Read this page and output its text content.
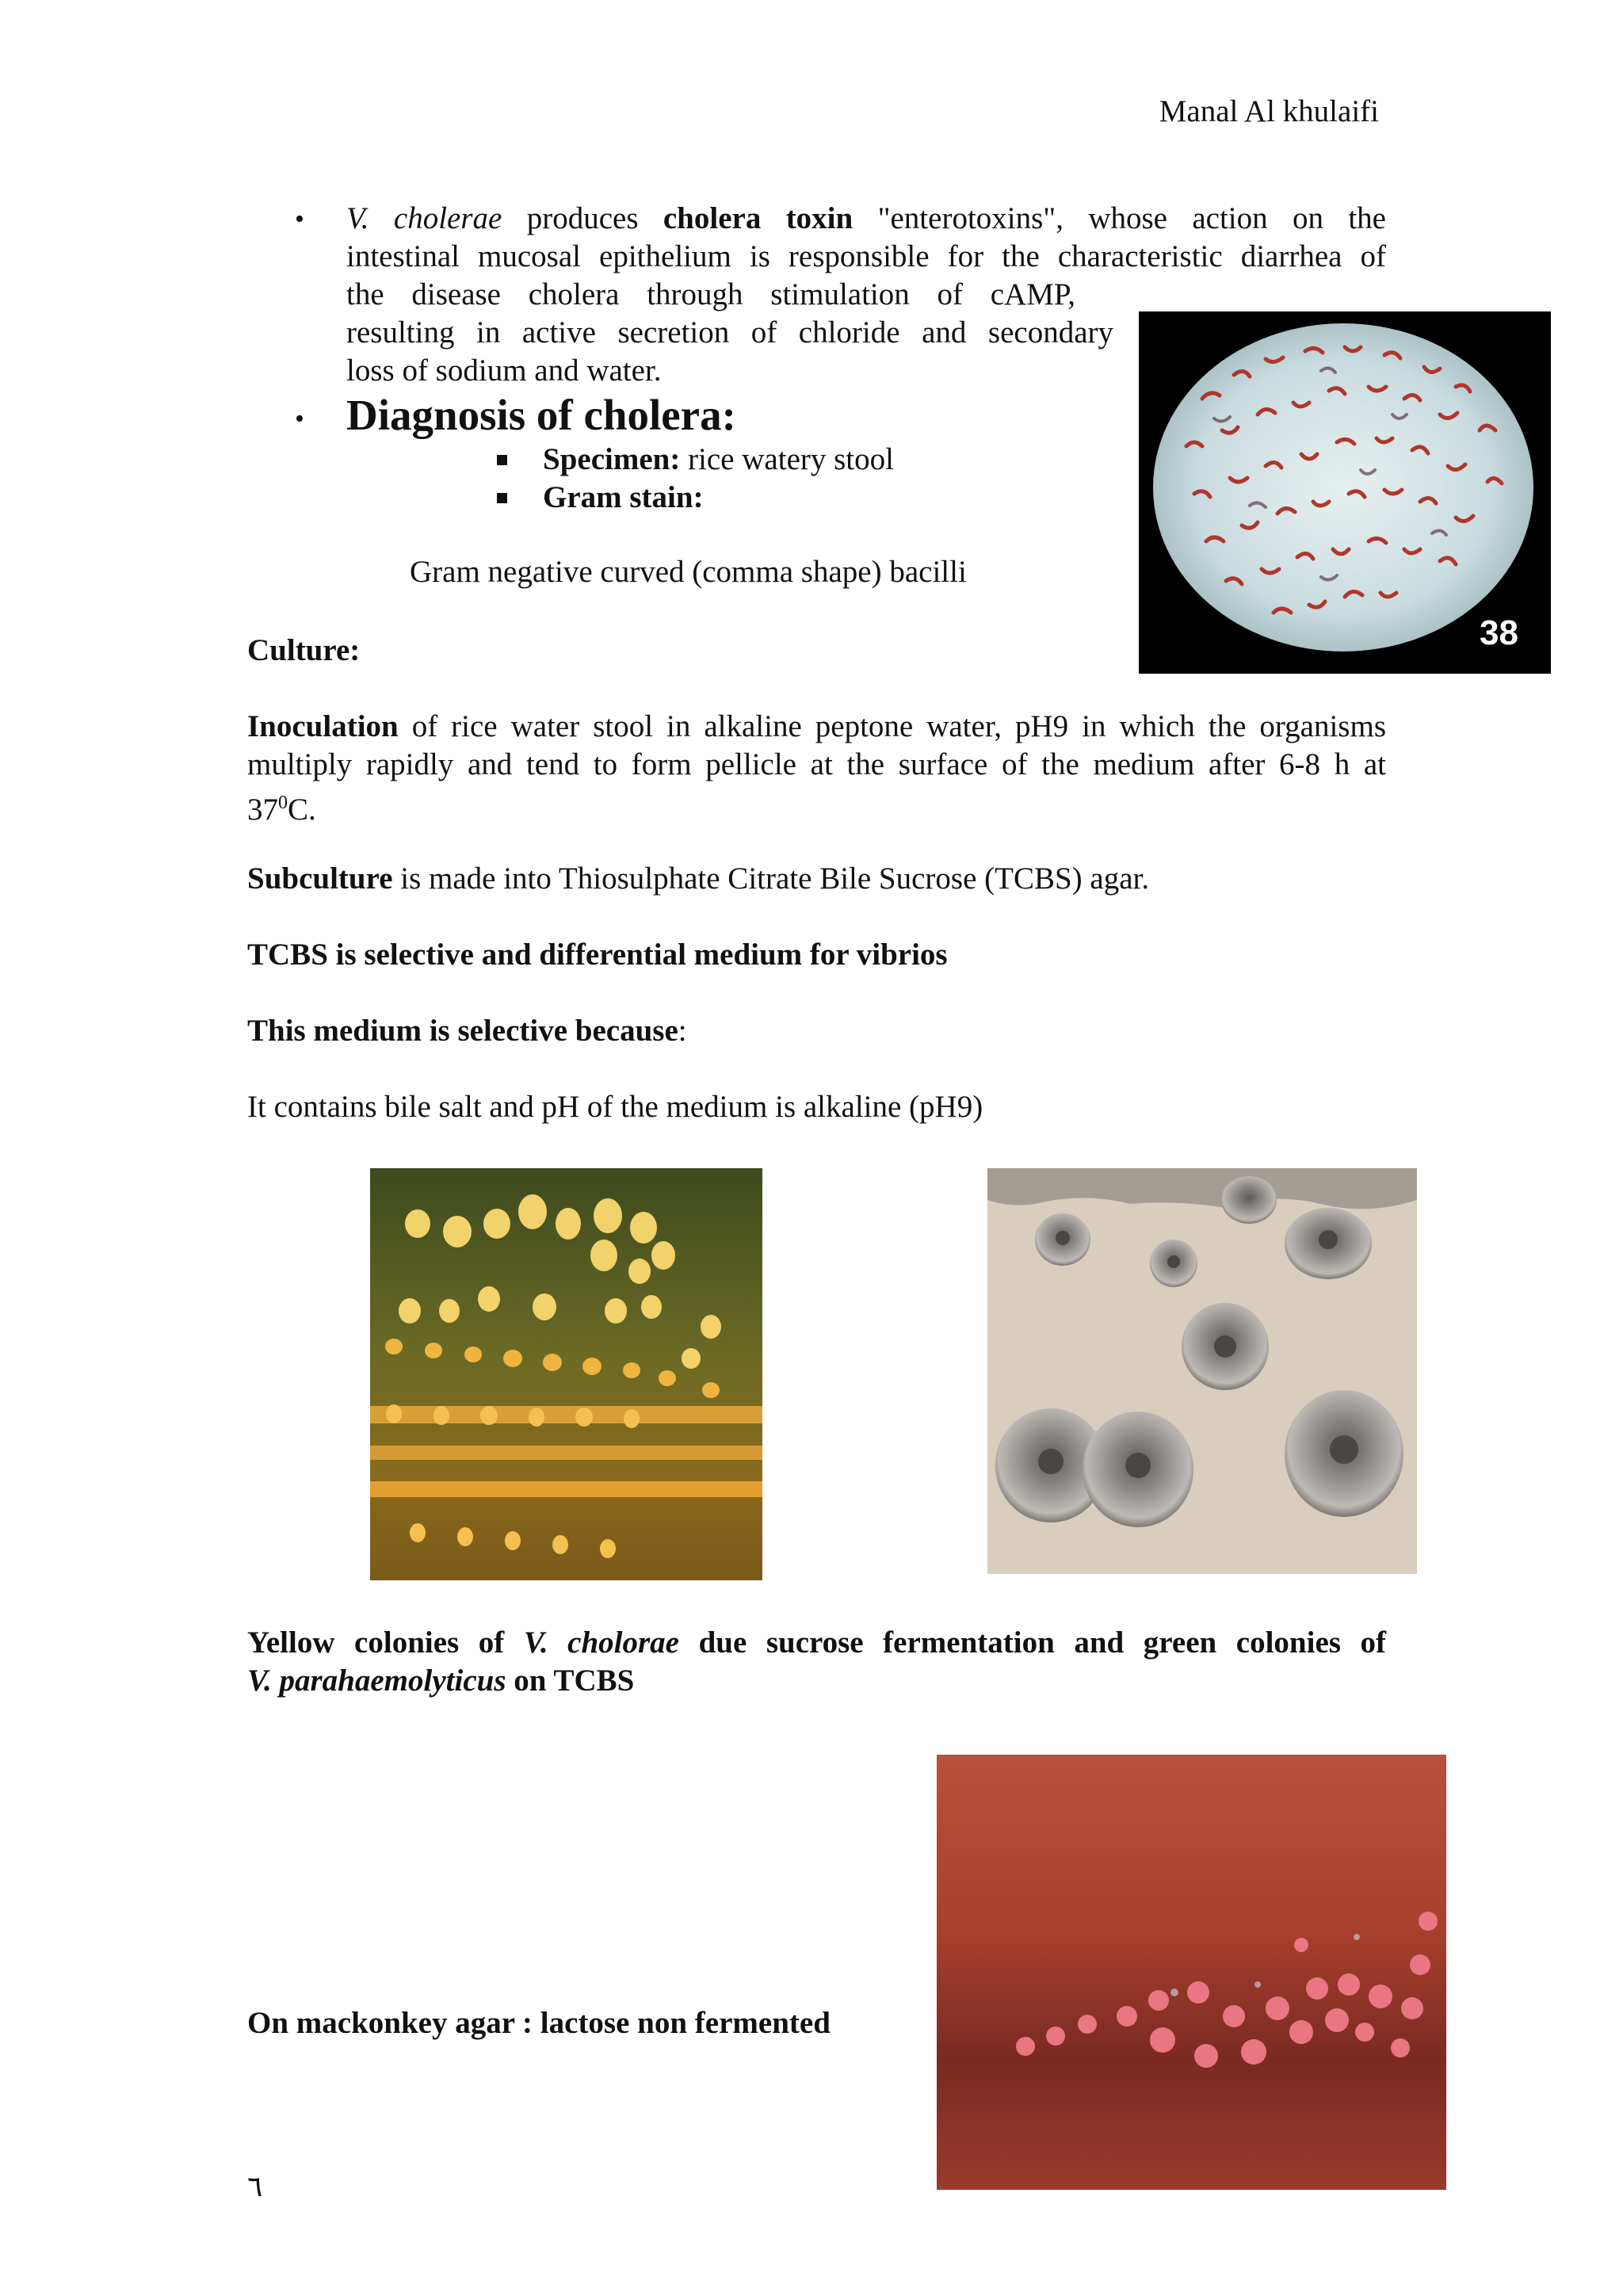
Manal Al khulaifi
• V. cholerae produces cholera toxin "enterotoxins", whose action on the
intestinal mucosal epithelium is responsible for the characteristic diarrhea of
the disease cholera through stimulation of cAMP,
resulting in active secretion of chloride and secondary
loss of sodium and water.
• Diagnosis of cholera:
Specimen: rice watery stool
Gram stain:
Gram negative curved (comma shape) bacilli
38
Culture:
Inoculation of rice water stool in alkaline peptone water, pH9 in which the organisms
multiply rapidly and tend to form pellicle at the surface of the medium after 6-8 h at
$37^0C$.
Subculture is made into Thiosulphate Citrate Bile Sucrose (TCBS) agar.
TCBS is selective and differential medium for vibrios
This medium is selective because:
It contains bile salt and pH of the medium is alkaline (pH9)
Yellow colonies of V. cholorae due sucrose fermentation and green colonies of
V. parahaemolyticus on TCBS
On mackonkey agar : lactose non fermented
٦
